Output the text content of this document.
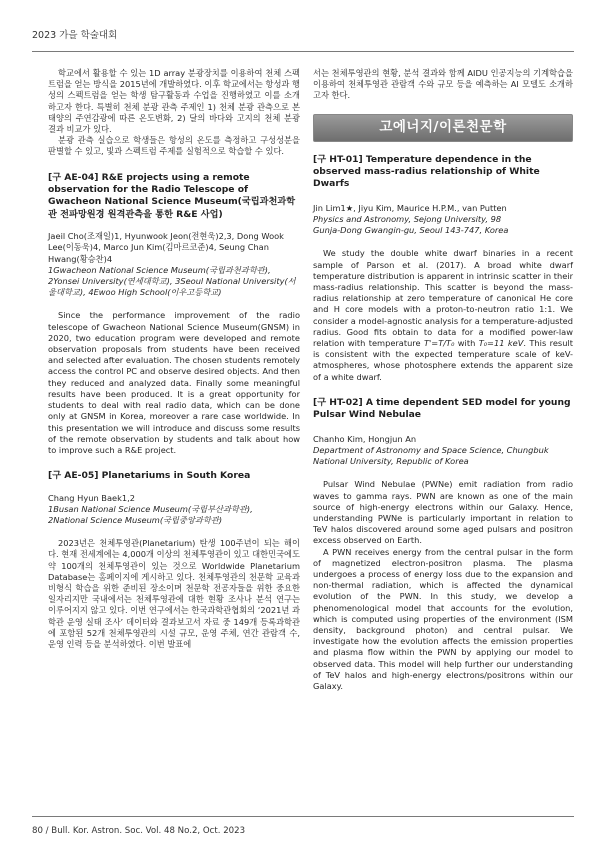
2023 가을 학술대회

학교에서 활용할 수 있는 1D array 분광장치를 이용하여 천체 스펙트럼을 얻는 방식을 2015년에 개발하였다. 이후 학교에서는 항성과 행성의 스펙트럼을 얻는 학생 탐구활동과 수업을 진행하였고 이를 소개하고자 한다. 특별히 천체 분광 관측 주제인 1) 천체 분광 관측으로 본 태양의 주연감광에 따른 온도변화, 2) 달의 바다와 고지의 천체 분광 결과 비교가 있다.

분광 관측 실습으로 학생들은 항성의 온도를 측정하고 구성성분을 판별할 수 있고, 빛과 스펙트럼 주제를 실험적으로 학습할 수 있다.

[구 AE-04] R&E projects using a remote observation for the Radio Telescope of Gwacheon National Science Museum(국립과천과학관 전파망원경 원격관측을 통한 R&E 사업)

Jaeil Cho(조재일)1, Hyunwook Jeon(전현욱)2,3, Dong Wook Lee(이동욱)4, Marco Jun Kim(김마르코준)4, Seung Chan Hwang(황승찬)4

1Gwacheon National Science Museum(국립과천과학관), 2Yonsei University(연세대학교), 3Seoul National University(서울대학교), 4Ewoo High School(이우고등학교)

Since the performance improvement of the radio telescope of Gwacheon National Science Museum(GNSM) in 2020, two education program were developed and remote observation proposals from students have been received and selected after evaluation. The chosen students remotely access the control PC and observe desired objects. And then they reduced and analyzed data. Finally some meaningful results have been produced. It is a great opportunity for students to deal with real radio data, which can be done only at GNSM in Korea, moreover a rare case worldwide. In this presentation we will introduce and discuss some results of the remote observation by students and talk about how to improve such a R&E project.

[구 AE-05] Planetariums in South Korea

Chang Hyun Baek1,2

1Busan National Science Museum(국립부산과학관),

2National Science Museum(국립중앙과학관)

2023년은 천체투영관(Planetarium) 탄생 100주년이 되는 해이다. 현재 전세계에는 4,000개 이상의 천체투영관이 있고 대한민국에도 약 100개의 천체투영관이 있는 것으로 Worldwide Planetarium Database는 홈페이지에 게시하고 있다. 천체투영관의 천문학 교육과 비형식 학습을 위한 준비된 장소이며 천문학 전공자들을 위한 중요한 일자리지만 국내에서는 천체투영관에 대한 현황 조사나 분석 연구는 이루어지지 않고 있다. 이번 연구에서는 한국과학관협회의 ‘2021년 과학관 운영 실태 조사’ 데이터와 결과보고서 자료 중 149개 등록과학관에 포함된 52개 천체투영관의 시설 규모, 운영 주체, 연간 관람객 수, 운영 인력 등을 분석하였다. 이번 발표에

서는 천체투영관의 현황, 분석 결과와 함께 AIDU 인공지능의 기계학습을 이용하여 천체투영관 관람객 수와 규모 등을 예측하는 AI 모델도 소개하고자 한다.

고에너지/이론천문학

[구 HT-01] Temperature dependence in the observed mass-radius relationship of White Dwarfs

Jin Lim1★, Jiyu Kim, Maurice H.P.M., van Putten

Physics and Astronomy, Sejong University, 98

Gunja-Dong Gwangin-gu, Seoul 143-747, Korea

We study the double white dwarf binaries in a recent sample of Parson et al. (2017). A broad white dwarf temperature distribution is apparent in intrinsic scatter in their mass-radius relationship. This scatter is beyond the mass-radius relationship at zero temperature of canonical He core and H core models with a proton-to-neutron ratio 1:1. We consider a model-agnostic analysis for a temperature-adjusted radius. Good fits obtain to data for a modified power-law relation with temperature T'=T/T₀ with T₀=11 keV. This result is consistent with the expected temperature scale of keV-atmospheres, whose photosphere extends the apparent size of a white dwarf.

[구 HT-02] A time dependent SED model for young Pulsar Wind Nebulae

Chanho Kim, Hongjun An

Department of Astronomy and Space Science, Chungbuk National University, Republic of Korea

Pulsar Wind Nebulae (PWNe) emit radiation from radio waves to gamma rays. PWN are known as one of the main source of high-energy electrons within our Galaxy. Hence, understanding PWNe is particularly important in relation to TeV halos discovered around some aged pulsars and positron excess observed on Earth.

A PWN receives energy from the central pulsar in the form of magnetized electron-positron plasma. The plasma undergoes a process of energy loss due to the expansion and non-thermal radiation, which is affected the dynamical evolution of the PWN. In this study, we develop a phenomenological model that accounts for the evolution, which is computed using properties of the environment (ISM density, background photon) and central pulsar. We investigate how the evolution affects the emission properties and plasma flow within the PWN by applying our model to observed data. This model will help further our understanding of TeV halos and high-energy electrons/positrons within our Galaxy.

80 / Bull. Kor. Astron. Soc. Vol. 48 No.2, Oct. 2023
